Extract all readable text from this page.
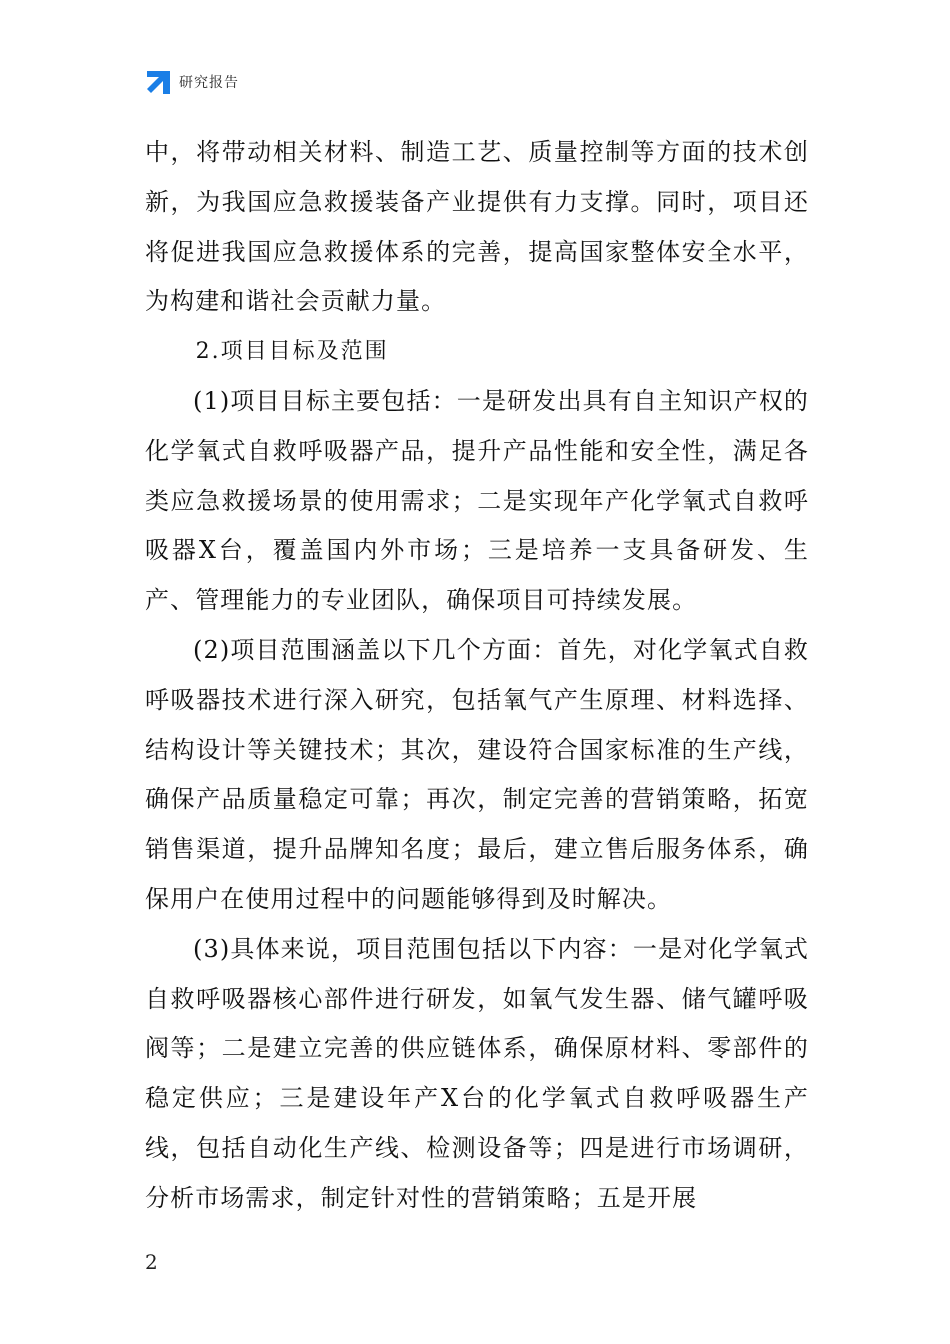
研究报告

中，将带动相关材料、制造工艺、质量控制等方面的技术创新，为我国应急救援装备产业提供有力支撑。同时，项目还将促进我国应急救援体系的完善，提高国家整体安全水平，为构建和谐社会贡献力量。

2.项目目标及范围

(1)项目目标主要包括：一是研发出具有自主知识产权的化学氧式自救呼吸器产品，提升产品性能和安全性，满足各类应急救援场景的使用需求；二是实现年产化学氧式自救呼吸器X台，覆盖国内外市场；三是培养一支具备研发、生产、管理能力的专业团队，确保项目可持续发展。

(2)项目范围涵盖以下几个方面：首先，对化学氧式自救呼吸器技术进行深入研究，包括氧气产生原理、材料选择、结构设计等关键技术；其次，建设符合国家标准的生产线，确保产品质量稳定可靠；再次，制定完善的营销策略，拓宽销售渠道，提升品牌知名度；最后，建立售后服务体系，确保用户在使用过程中的问题能够得到及时解决。

(3)具体来说，项目范围包括以下内容：一是对化学氧式自救呼吸器核心部件进行研发，如氧气发生器、储气罐呼吸阀等；二是建立完善的供应链体系，确保原材料、零部件的稳定供应；三是建设年产X台的化学氧式自救呼吸器生产线，包括自动化生产线、检测设备等；四是进行市场调研，分析市场需求，制定针对性的营销策略；五是开展

2
